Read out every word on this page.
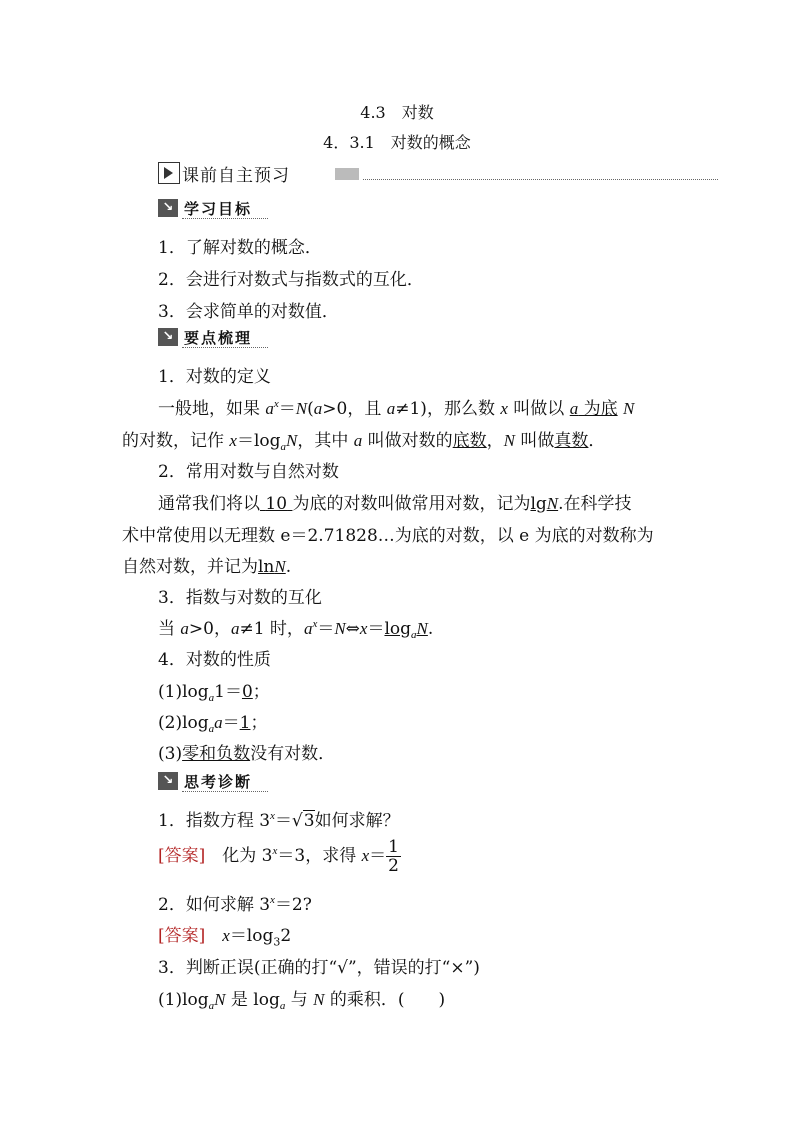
4.3　对数
4．3.1　对数的概念
课前自主预习
↘ 学习目标
1．了解对数的概念．
2．会进行对数式与指数式的互化．
3．会求简单的对数值．
↘ 要点梳理
1．对数的定义
一般地，如果 $a^x=N(a>0$，且 a≠1)，那么数 x 叫做以 a 为底 N
的对数，记作 $x=\log_aN$，其中 a 叫做对数的底数，N 叫做真数．
2．常用对数与自然对数
通常我们将以 10 为底的对数叫做常用对数，记为lgN.在科学技
术中常使用以无理数 e＝2.71828…为底的对数，以 e 为底的对数称为
自然对数，并记为lnN.
3．指数与对数的互化
当 a>0，a≠1 时，$a^x=N\Leftrightarrow x=\log_aN$.
4．对数的性质
$(1)\log_a1=0$；
$(2)\log_aa=1$；
(3)零和负数没有对数．
↘ 思考诊断
1．指数方程 $3^x=√3$如何求解？
[答案]　 化为 $3^x=3$，求得 $x= \frac{1}{2}$
2．如何求解 $3^x=2$?
[答案]　 $x=\log_32$
3．判断正误(正确的打“√”，错误的打“×”)
$(1)\log_aN$ 是 $\log_a$ 与 N 的乘积．(　　)
